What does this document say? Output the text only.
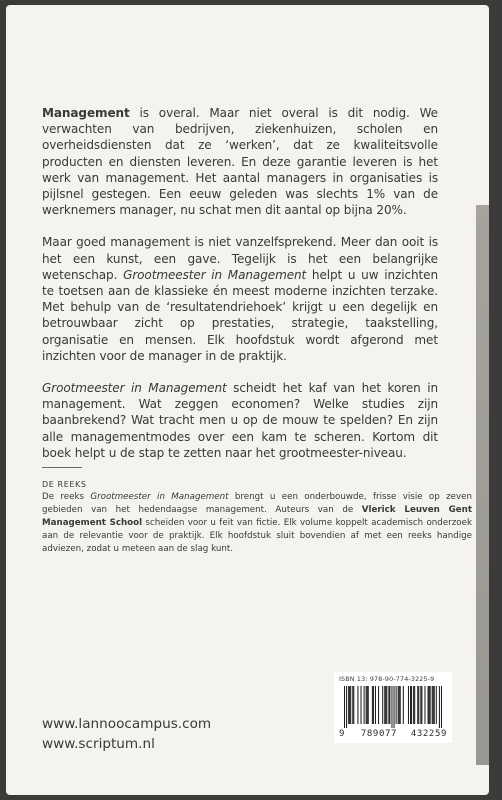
Management is overal. Maar niet overal is dit nodig. We verwachten van bedrijven, ziekenhuizen, scholen en overheidsdiensten dat ze ‘werken’, dat ze kwaliteitsvolle producten en diensten leveren. En deze garantie leveren is het werk van management. Het aantal managers in organisaties is pijlsnel gestegen. Een eeuw geleden was slechts 1% van de werknemers manager, nu schat men dit aantal op bijna 20%.

Maar goed management is niet vanzelfsprekend. Meer dan ooit is het een kunst, een gave. Tegelijk is het een belangrijke wetenschap. Grootmeester in Management helpt u uw inzichten te toetsen aan de klassieke én meest moderne inzichten terzake. Met behulp van de ‘resultatendriehoek’ krijgt u een degelijk en betrouwbaar zicht op prestaties, strategie, taakstelling, organisatie en mensen. Elk hoofdstuk wordt afgerond met inzichten voor de manager in de praktijk.

Grootmeester in Management scheidt het kaf van het koren in management. Wat zeggen economen? Welke studies zijn baanbrekend? Wat tracht men u op de mouw te spelden? En zijn alle managementmodes over een kam te scheren. Kortom dit boek helpt u de stap te zetten naar het grootmeester-niveau.

DE REEKS

De reeks Grootmeester in Management brengt u een onderbouwde, frisse visie op zeven gebieden van het hedendaagse management. Auteurs van de Vlerick Leuven Gent Management School scheiden voor u feit van fictie. Elk volume koppelt academisch onderzoek aan de relevantie voor de praktijk. Elk hoofdstuk sluit bovendien af met een reeks handige adviezen, zodat u meteen aan de slag kunt.

ISBN 13: 978-90-774-3225-9
9 789077 432259
www.lannoocampus.com
www.scriptum.nl
